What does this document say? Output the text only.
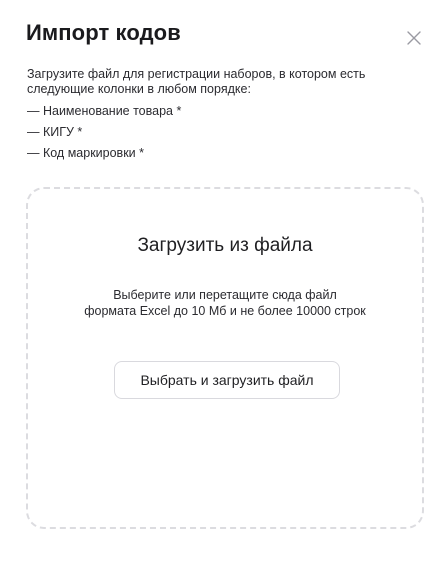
Импорт кодов

Загрузите файл для регистрации наборов, в котором есть следующие колонки в любом порядке:

— Наименование товара *
— КИГУ *
— Код маркировки *
Загрузить из файла
Выберите или перетащите сюда файл
формата Excel до 10 Мб и не более 10000 строк
Выбрать и загрузить файл
